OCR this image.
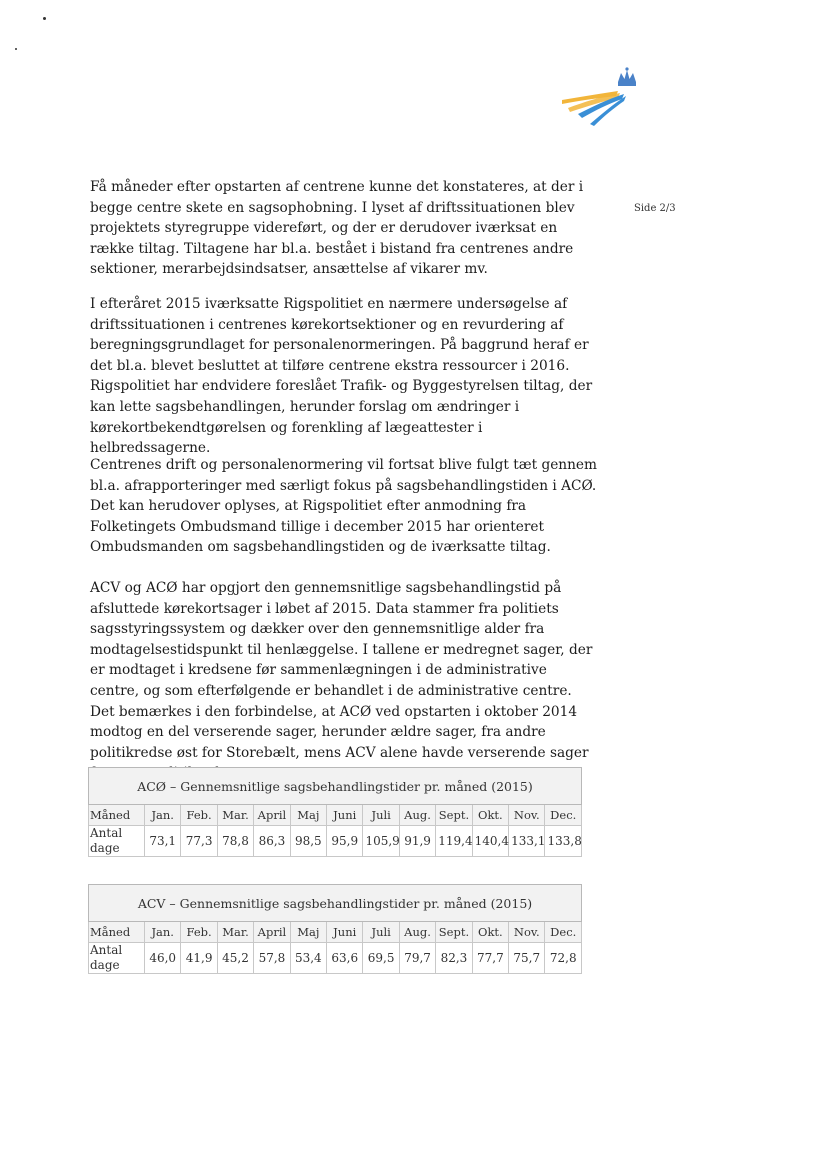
Side 2/3

Få måneder efter opstarten af centrene kunne det konstateres, at der i begge centre skete en sagsophobning. I lyset af driftssituationen blev projektets styregruppe videreført, og der er derudover iværksat en række tiltag. Tiltagene har bl.a. bestået i bistand fra centrenes andre sektioner, merarbejdsindsatser, ansættelse af vikarer mv.

I efteråret 2015 iværksatte Rigspolitiet en nærmere undersøgelse af driftssituationen i centrenes kørekortsektioner og en revurdering af beregningsgrundlaget for personalenormeringen. På baggrund heraf er det bl.a. blevet besluttet at tilføre centrene ekstra ressourcer i 2016. Rigspolitiet har endvidere foreslået Trafik- og Byggestyrelsen tiltag, der kan lette sagsbehandlingen, herunder forslag om ændringer i kørekortbekendtgørelsen og forenkling af lægeattester i helbredssagerne.

Centrenes drift og personalenormering vil fortsat blive fulgt tæt gennem bl.a. afrapporteringer med særligt fokus på sagsbehandlingstiden i ACØ. Det kan herudover oplyses, at Rigspolitiet efter anmodning fra Folketingets Ombudsmand tillige i december 2015 har orienteret Ombudsmanden om sagsbehandlingstiden og de iværksatte tiltag.

ACV og ACØ har opgjort den gennemsnitlige sagsbehandlingstid på afsluttede kørekortsager i løbet af 2015. Data stammer fra politiets sagsstyringssystem og dækker over den gennemsnitlige alder fra modtagelsestidspunkt til henlæggelse. I tallene er medregnet sager, der er modtaget i kredsene før sammenlægningen i de administrative centre, og som efterfølgende er behandlet i de administrative centre. Det bemærkes i den forbindelse, at ACØ ved opstarten i oktober 2014 modtog en del verserende sager, herunder ældre sager, fra andre politikredse øst for Storebælt, mens ACV alene havde verserende sager

ACØ – Gennemsnitlige sagsbehandlingstider pr. måned (2015)												
Måned	Jan.	Feb.	Mar.	April	Maj	Juni	Juli	Aug.	Sept.	Okt.	Nov.	Dec.
Antal dage	73,1	77,3	78,8	86,3	98,5	95,9	105,9	91,9	119,4	140,4	133,1	133,8
ACV – Gennemsnitlige sagsbehandlingstider pr. måned (2015)												
Måned	Jan.	Feb.	Mar.	April	Maj	Juni	Juli	Aug.	Sept.	Okt.	Nov.	Dec.
Antal dage	46,0	41,9	45,2	57,8	53,4	63,6	69,5	79,7	82,3	77,7	75,7	72,8
